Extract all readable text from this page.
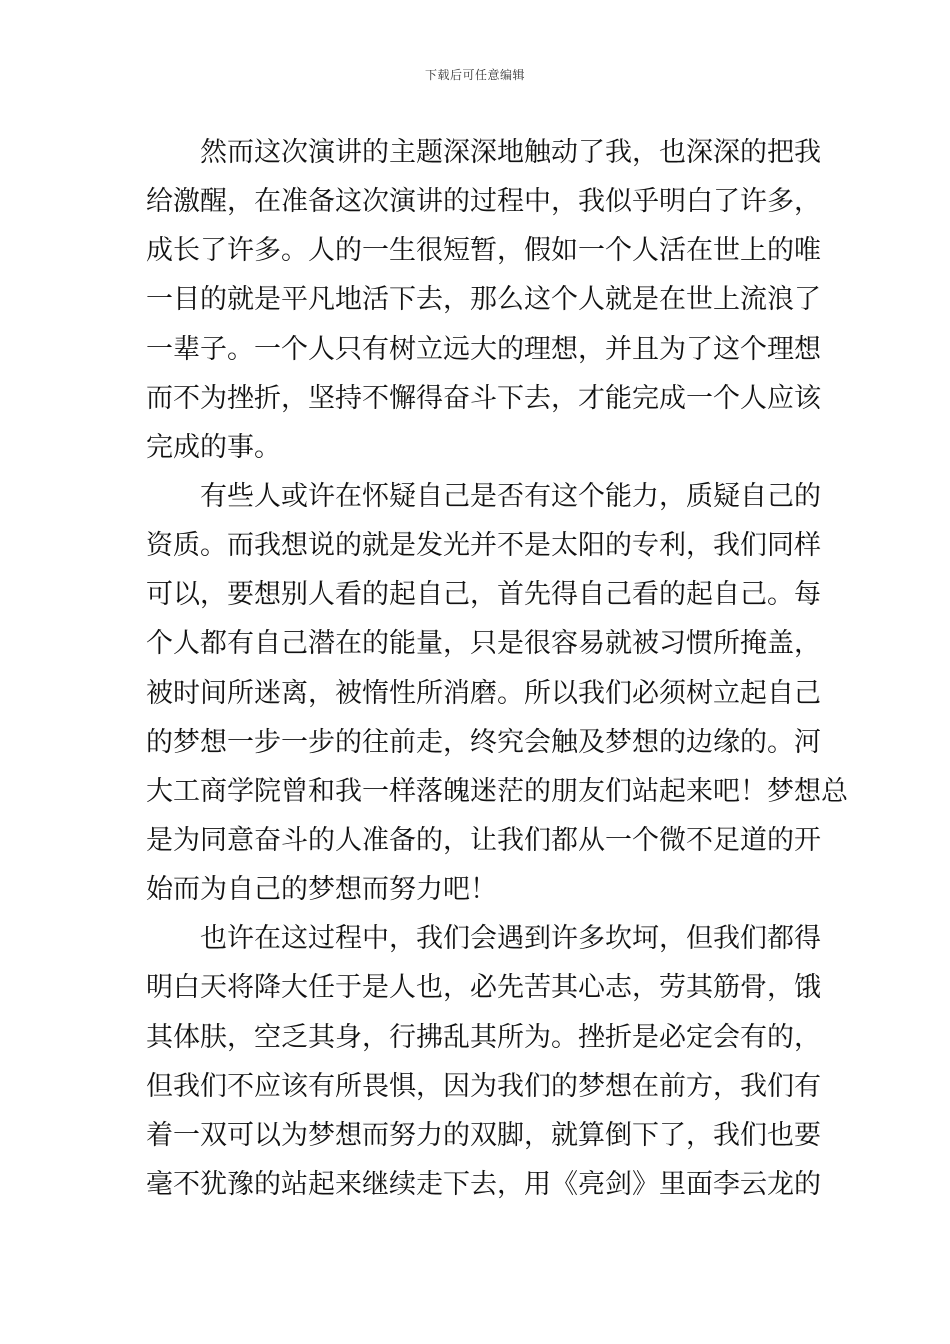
下载后可任意编辑
然而这次演讲的主题深深地触动了我，也深深的把我
给激醒，在准备这次演讲的过程中，我似乎明白了许多，
成长了许多。人的一生很短暂，假如一个人活在世上的唯
一目的就是平凡地活下去，那么这个人就是在世上流浪了
一辈子。一个人只有树立远大的理想，并且为了这个理想
而不为挫折，坚持不懈得奋斗下去，才能完成一个人应该
完成的事。
有些人或许在怀疑自己是否有这个能力，质疑自己的
资质。而我想说的就是发光并不是太阳的专利，我们同样
可以，要想别人看的起自己，首先得自己看的起自己。每
个人都有自己潜在的能量，只是很容易就被习惯所掩盖，
被时间所迷离，被惰性所消磨。所以我们必须树立起自己
的梦想一步一步的往前走，终究会触及梦想的边缘的。河
大工商学院曾和我一样落魄迷茫的朋友们站起来吧！梦想总
是为同意奋斗的人准备的，让我们都从一个微不足道的开
始而为自己的梦想而努力吧！
也许在这过程中，我们会遇到许多坎坷，但我们都得
明白天将降大任于是人也，必先苦其心志，劳其筋骨，饿
其体肤，空乏其身，行拂乱其所为。挫折是必定会有的，
但我们不应该有所畏惧，因为我们的梦想在前方，我们有
着一双可以为梦想而努力的双脚，就算倒下了，我们也要
毫不犹豫的站起来继续走下去，用《亮剑》里面李云龙的
